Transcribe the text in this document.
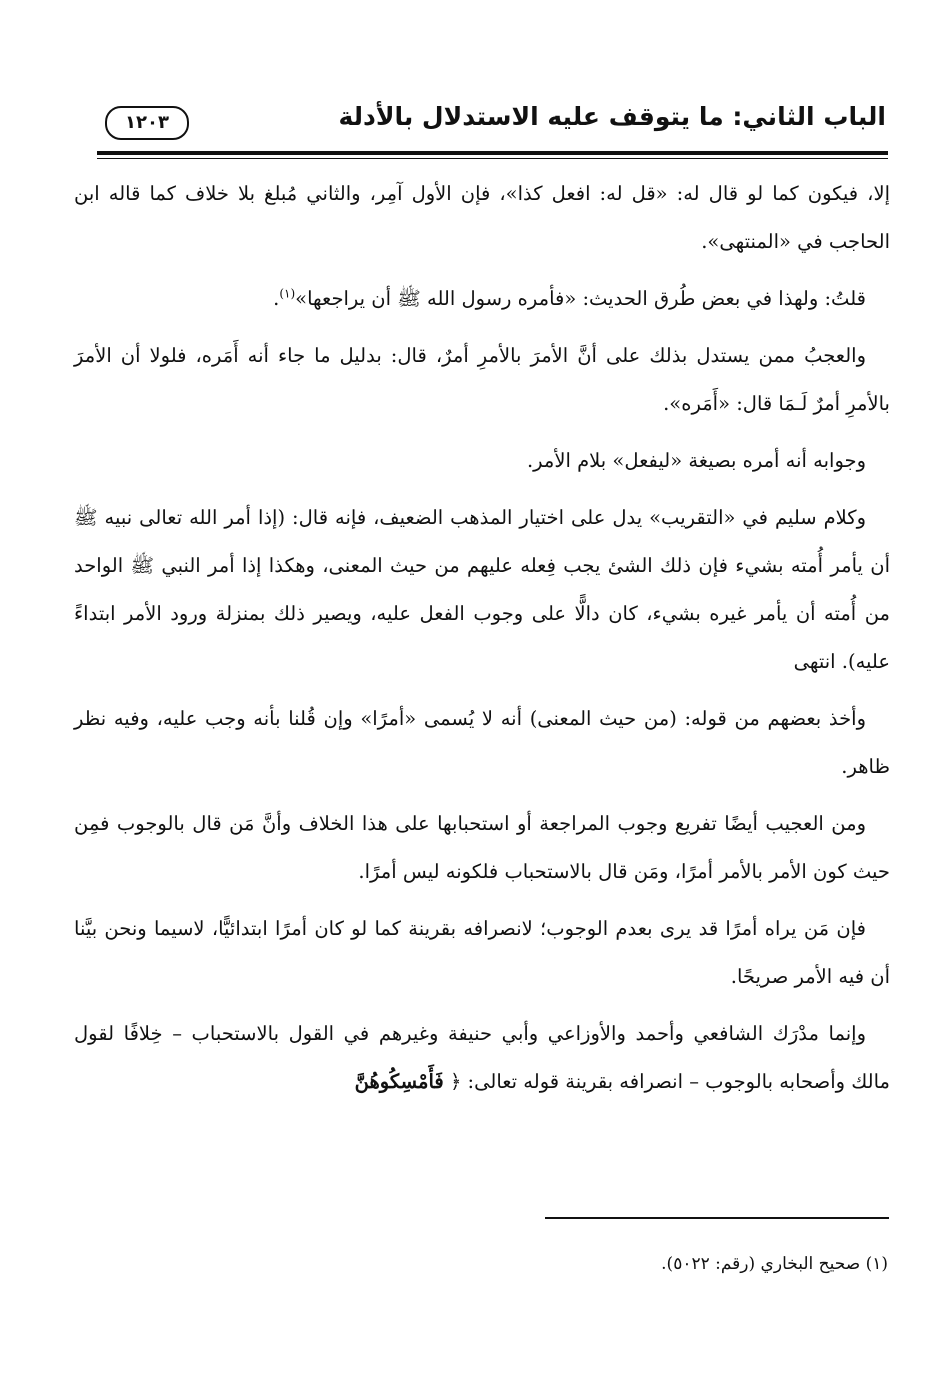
الباب الثاني: ما يتوقف عليه الاستدلال بالأدلة
١٢٠٣

إلا، فيكون كما لو قال له: «قل له: افعل كذا»، فإن الأول آمِر، والثاني مُبلغ بلا خلاف كما قاله ابن الحاجب في «المنتهى».

قلتُ: ولهذا في بعض طُرق الحديث: «فأمره رسول الله ﷺ أن يراجعها»$^{(١)}$.

والعجبُ ممن يستدل بذلك على أنَّ الأمرَ بالأمرِ أمرٌ، قال: بدليل ما جاء أنه أَمَره، فلولا أن الأمرَ بالأمرِ أمرٌ لَـمَا قال: «أَمَره».

وجوابه أنه أمره بصيغة «ليفعل» بلام الأمر.

وكلام سليم في «التقريب» يدل على اختيار المذهب الضعيف، فإنه قال: (إذا أمر الله تعالى نبيه ﷺ أن يأمر أُمته بشيء فإن ذلك الشئ يجب فِعله عليهم من حيث المعنى، وهكذا إذا أمر النبي ﷺ الواحد من أُمته أن يأمر غيره بشيء، كان دالًّا على وجوب الفعل عليه، ويصير ذلك بمنزلة ورود الأمر ابتداءً عليه). انتهى

وأخذ بعضهم من قوله: (من حيث المعنى) أنه لا يُسمى «أمرًا» وإن قُلنا بأنه وجب عليه، وفيه نظر ظاهر.

ومن العجيب أيضًا تفريع وجوب المراجعة أو استحبابها على هذا الخلاف وأنَّ مَن قال بالوجوب فمِن حيث كون الأمر بالأمر أمرًا، ومَن قال بالاستحباب فلكونه ليس أمرًا.

فإن مَن يراه أمرًا قد يرى بعدم الوجوب؛ لانصرافه بقرينة كما لو كان أمرًا ابتدائيًّا، لاسيما ونحن بيَّنا أن فيه الأمر صريحًا.

وإنما مدْرَك الشافعي وأحمد والأوزاعي وأبي حنيفة وغيرهم في القول بالاستحباب – خِلافًا لقول مالك وأصحابه بالوجوب – انصرافه بقرينة قوله تعالى: ﴿ فَأَمْسِكُوهُنَّ

(١) صحيح البخاري (رقم: ٥٠٢٢).
